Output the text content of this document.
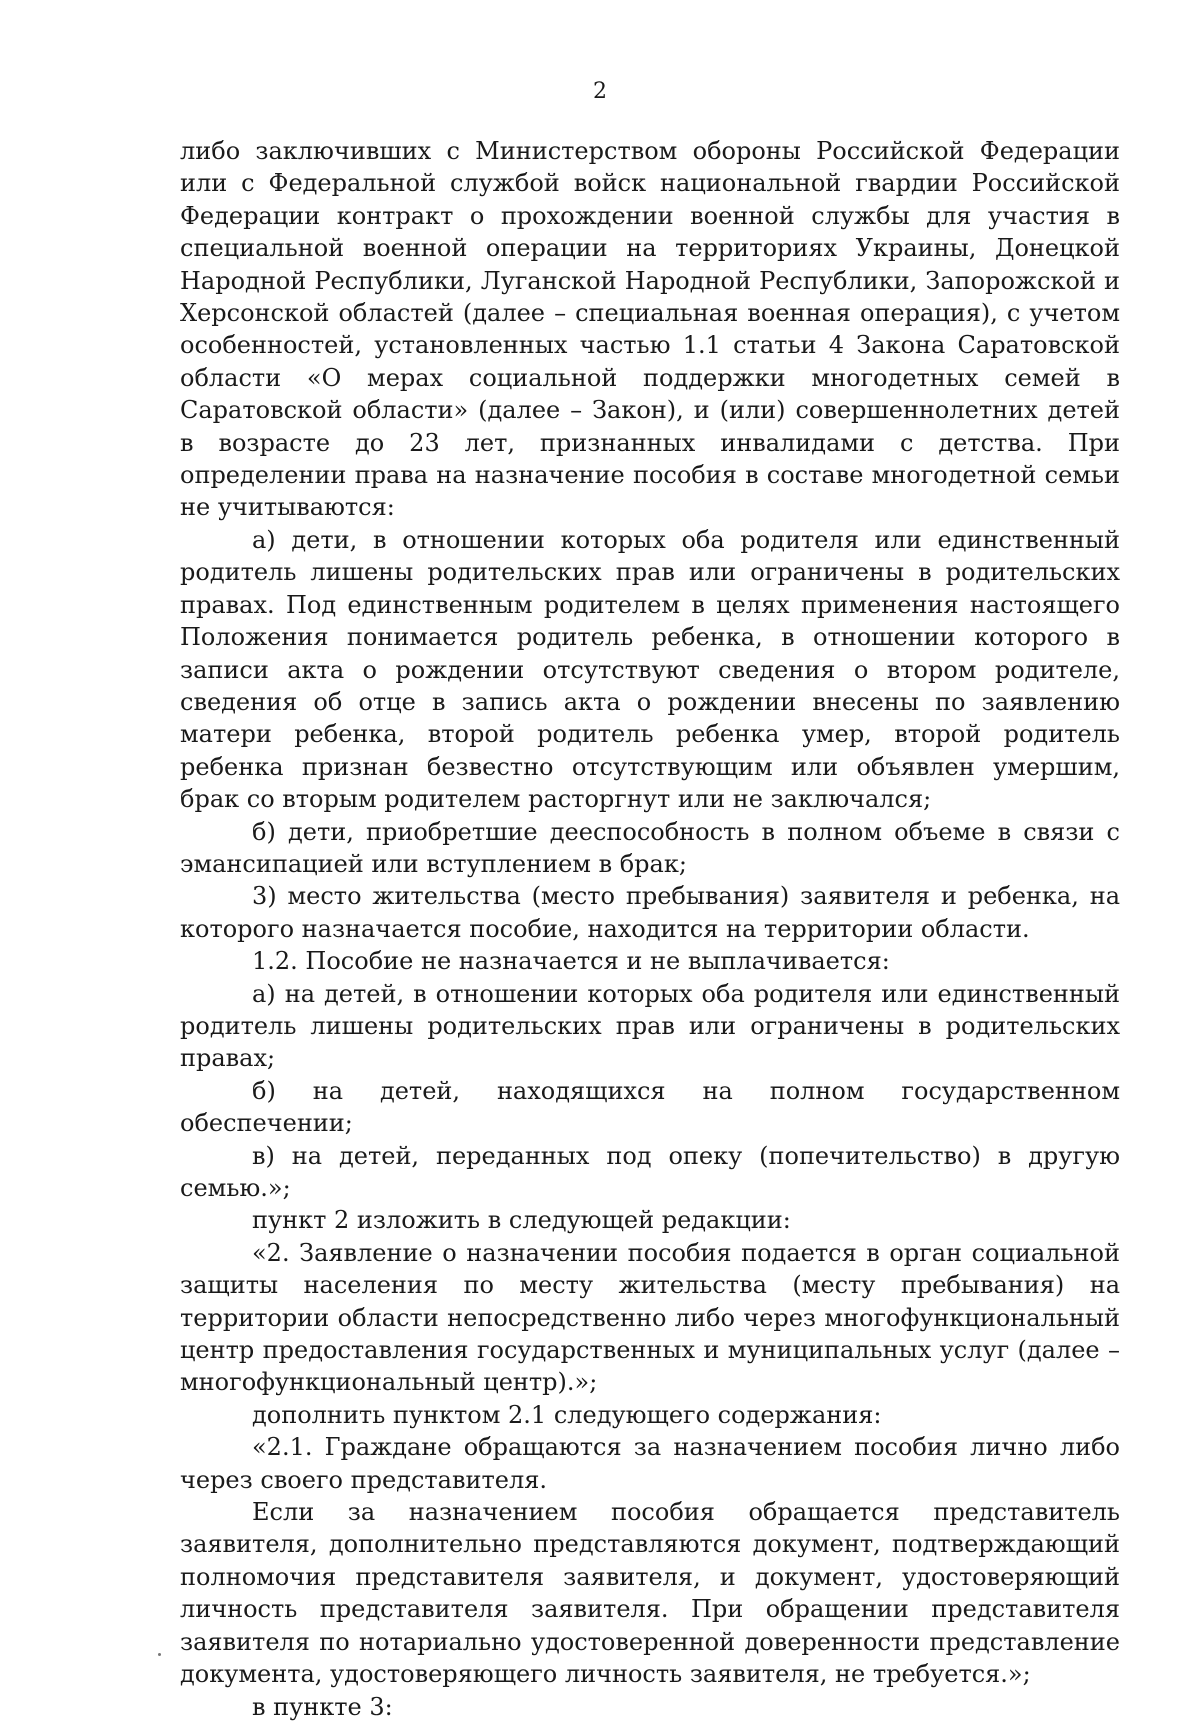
2

либо заключивших с Министерством обороны Российской Федерации или с Федеральной службой войск национальной гвардии Российской Федерации контракт о прохождении военной службы для участия в специальной военной операции на территориях Украины, Донецкой Народной Республики, Луганской Народной Республики, Запорожской и Херсонской областей (далее – специальная военная операция), с учетом особенностей, установленных частью 1.1 статьи 4 Закона Саратовской области «О мерах социальной поддержки многодетных семей в Саратовской области» (далее – Закон), и (или) совершеннолетних детей в возрасте до 23 лет, признанных инвалидами с детства. При определении права на назначение пособия в составе многодетной семьи не учитываются:

а) дети, в отношении которых оба родителя или единственный родитель лишены родительских прав или ограничены в родительских правах. Под единственным родителем в целях применения настоящего Положения понимается родитель ребенка, в отношении которого в записи акта о рождении отсутствуют сведения о втором родителе, сведения об отце в запись акта о рождении внесены по заявлению матери ребенка, второй родитель ребенка умер, второй родитель ребенка признан безвестно отсутствующим или объявлен умершим, брак со вторым родителем расторгнут или не заключался;

б) дети, приобретшие дееспособность в полном объеме в связи с эмансипацией или вступлением в брак;

3) место жительства (место пребывания) заявителя и ребенка, на которого назначается пособие, находится на территории области.

1.2. Пособие не назначается и не выплачивается:

а) на детей, в отношении которых оба родителя или единственный родитель лишены родительских прав или ограничены в родительских правах;

б) на детей, находящихся на полном государственном обеспечении;

в) на детей, переданных под опеку (попечительство) в другую семью.»;

пункт 2 изложить в следующей редакции:

«2. Заявление о назначении пособия подается в орган социальной защиты населения по месту жительства (месту пребывания) на территории области непосредственно либо через многофункциональный центр предоставления государственных и муниципальных услуг (далее – многофункциональный центр).»;

дополнить пунктом 2.1 следующего содержания:

«2.1. Граждане обращаются за назначением пособия лично либо через своего представителя.

Если за назначением пособия обращается представитель заявителя, дополнительно представляются документ, подтверждающий полномочия представителя заявителя, и документ, удостоверяющий личность представителя заявителя. При обращении представителя заявителя по нотариально удостоверенной доверенности представление документа, удостоверяющего личность заявителя, не требуется.»;

в пункте 3:
